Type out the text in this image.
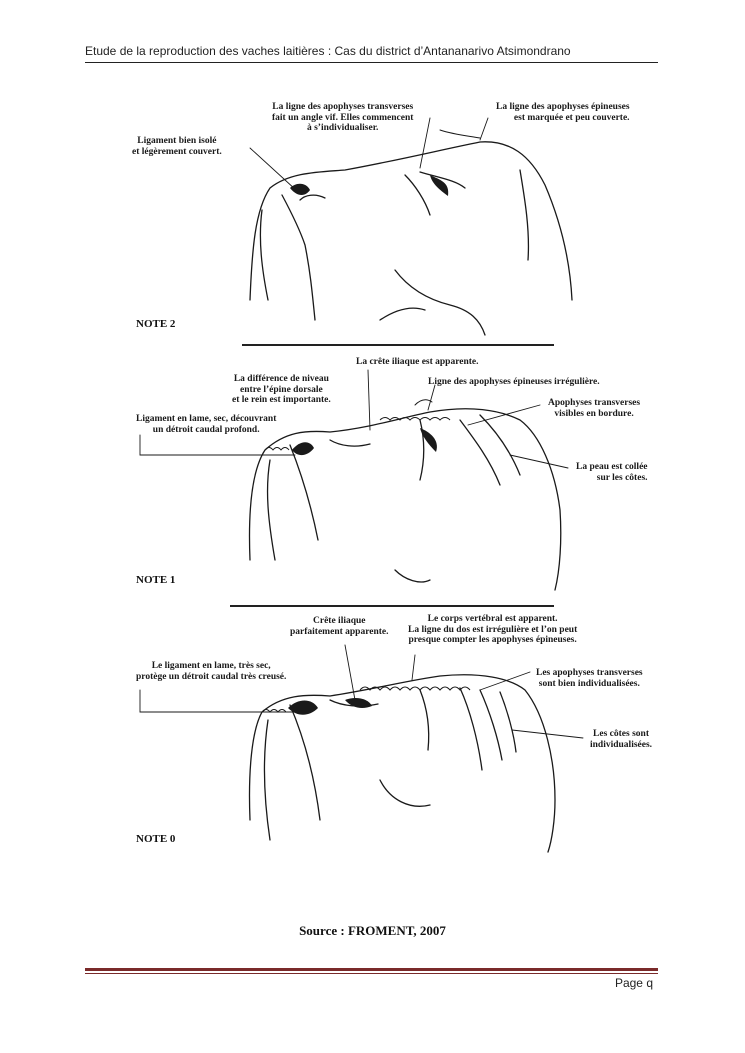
Etude de la reproduction des vaches laitières : Cas du district d’Antananarivo Atsimondrano
La ligne des apophyses transverses
fait un angle vif. Elles commencent
à s’individualiser.
La ligne des apophyses épineuses
est marquée et peu couverte.
Ligament bien isolé
et légèrement couvert.
NOTE 2
La crête iliaque est apparente.
La différence de niveau
entre l’épine dorsale
et le rein est importante.
Ligne des apophyses épineuses irrégulière.
Apophyses transverses
visibles en bordure.
Ligament en lame, sec, découvrant
un détroit caudal profond.
La peau est collée
sur les côtes.
NOTE 1
Crête iliaque
parfaitement apparente.
Le corps vertébral est apparent.
La ligne du dos est irrégulière et l’on peut
presque compter les apophyses épineuses.
Le ligament en lame, très sec,
protège un détroit caudal très creusé.	Les apophyses transverses
sont bien individualisées.
Les côtes sont
individualisées.
NOTE 0
Source : FROMENT, 2007
Page q
